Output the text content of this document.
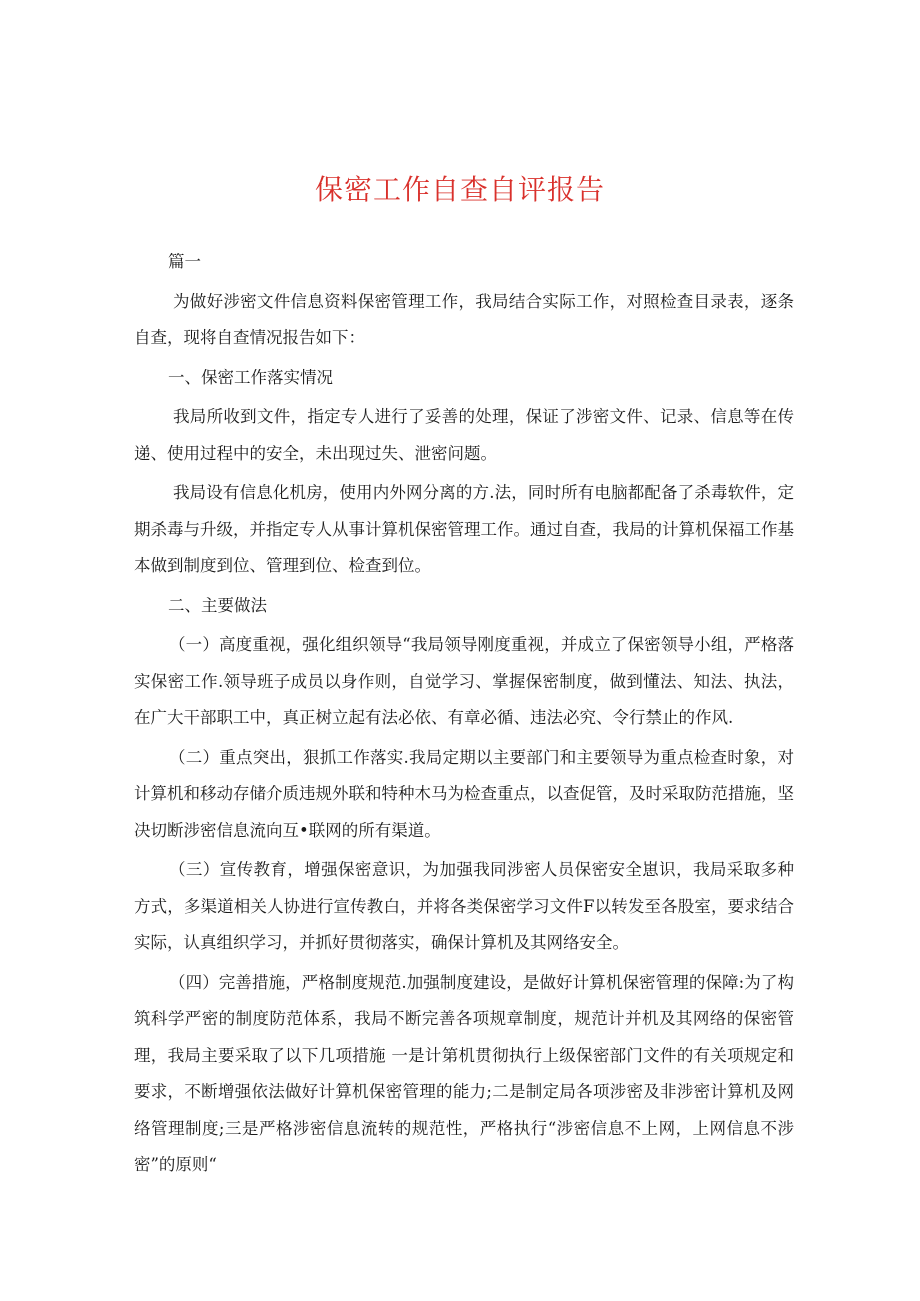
保密工作自查自评报告

篇一

为做好涉密文件信息资料保密管理工作，我局结合实际工作，对照检查目录表，逐条自查，现将自查情况报告如下：

一、保密工作落实情况

我局所收到文件，指定专人进行了妥善的处理，保证了涉密文件、记录、信息等在传递、使用过程中的安全，未出现过失、泄密问题。

我局设有信息化机房，使用内外网分离的方.法，同时所有电脑都配备了杀毒软件，定期杀毒与升级，并指定专人从事计算机保密管理工作。通过自查，我局的计算机保福工作基本做到制度到位、管理到位、检查到位。

二、主要做法

（一）高度重视，强化组织领导“我局领导刚度重视，并成立了保密领导小组，严格落实保密工作.领导班子成员以身作则，自觉学习、掌握保密制度，做到懂法、知法、执法，在广大干部职工中，真正树立起有法必依、有章必循、违法必究、令行禁止的作风.

（二）重点突出，狠抓工作落实.我局定期以主要部门和主要领导为重点检查时象，对计算机和移动存储介质违规外联和特种木马为检查重点，以查促管，及时采取防范措施，坚决切断涉密信息流向互•联网的所有渠道。

（三）宣传教育，增强保密意识，为加强我同涉密人员保密安全崽识，我局采取多种方式，多渠道相关人协进行宣传教白，并将各类保密学习文件F以转发至各股室，要求结合实际，认真组织学习，并抓好贯彻落实，确保计算机及其网络安全。

（四）完善措施，严格制度规范.加强制度建设，是做好计算机保密管理的保障:为了构筑科学严密的制度防范体系，我局不断完善各项规章制度，规范计并机及其网络的保密管理，我局主要采取了以下几项措施 一是计第机贯彻执行上级保密部门文件的有关项规定和要求，不断增强依法做好计算机保密管理的能力;二是制定局各项涉密及非涉密计算机及网络管理制度;三是严格涉密信息流转的规范性，严格执行“涉密信息不上网，上网信息不涉密”的原则“
